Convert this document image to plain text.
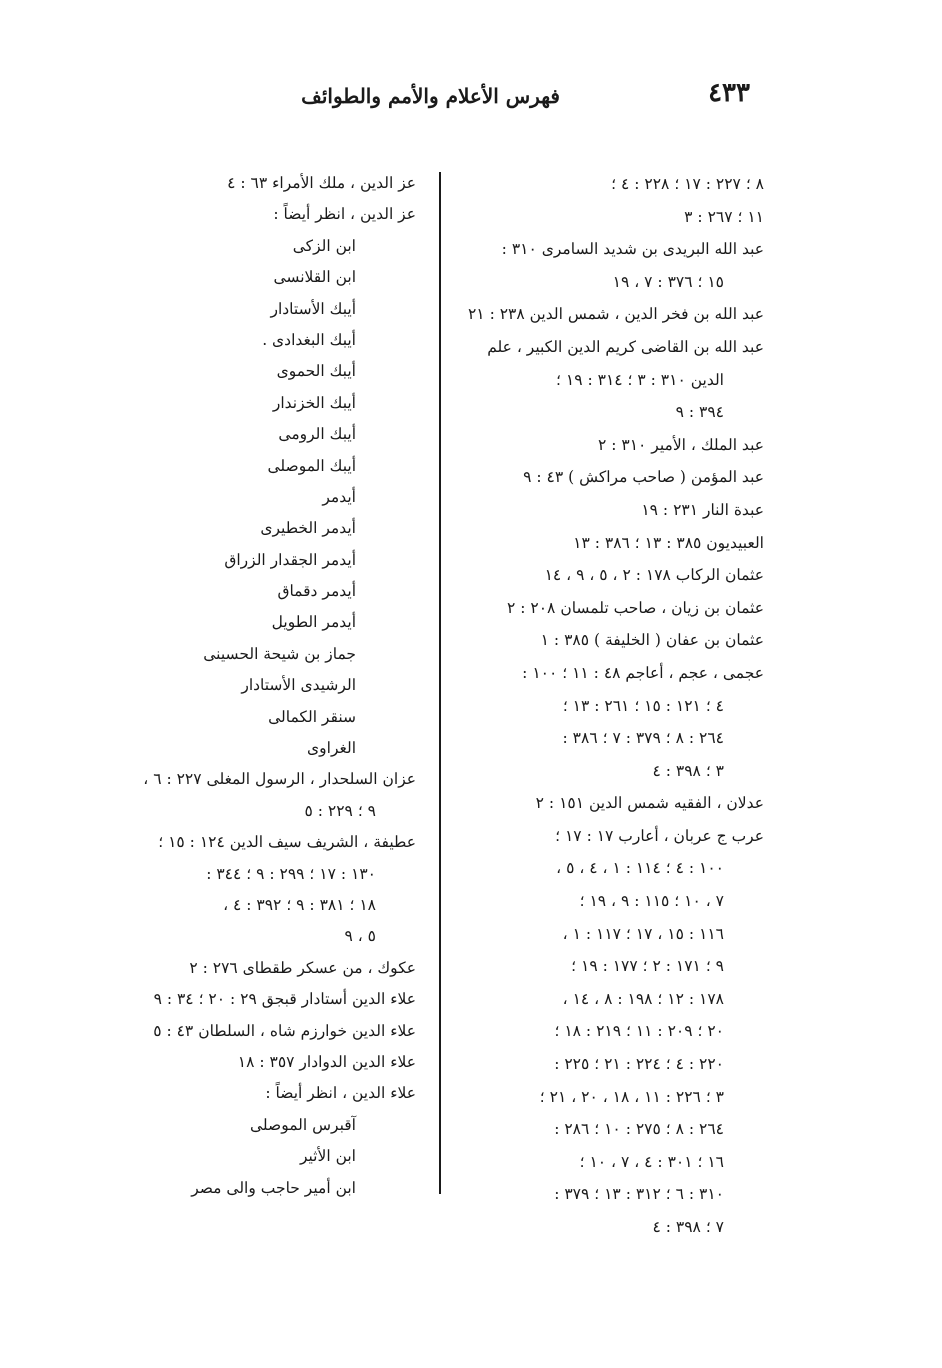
٤٣٣
فهرس الأعلام والأمم والطوائف
٨ ؛ ٢٢٧ : ١٧ ؛ ٢٢٨ : ٤ ؛
١١ ؛ ٢٦٧ : ٣
عبد الله البريدى بن شديد السامرى ٣١٠ :
١٥ ؛ ٣٧٦ : ٧ ، ١٩
عبد الله بن فخر الدين ، شمس الدين ٢٣٨ : ٢١
عبد الله بن القاضى كريم الدين الكبير ، علم
الدين ٣١٠ : ٣ ؛ ٣١٤ : ١٩ ؛
٣٩٤ : ٩
عبد الملك ، الأمير ٣١٠ : ٢
عبد المؤمن ( صاحب مراكش ) ٤٣ : ٩
عبدة النار ٢٣١ : ١٩
العبيديون ٣٨٥ : ١٣ ؛ ٣٨٦ : ١٣
عثمان الركاب ١٧٨ : ٢ ، ٥ ، ٩ ، ١٤
عثمان بن زيان ، صاحب تلمسان ٢٠٨ : ٢
عثمان بن عفان ( الخليفة ) ٣٨٥ : ١
عجمى ، عجم ، أعاجم ٤٨ : ١١ ؛ ١٠٠ :
٤ ؛ ١٢١ : ١٥ ؛ ٢٦١ : ١٣ ؛
٢٦٤ : ٨ ؛ ٣٧٩ : ٧ ؛ ٣٨٦ :
٣ ؛ ٣٩٨ : ٤
عدلان ، الفقيه شمس الدين ١٥١ : ٢
عرب ج عربان ، أعارب ١٧ : ١٧ ؛
١٠٠ : ٤ ؛ ١١٤ : ١ ، ٤ ، ٥ ،
٧ ، ١٠ ؛ ١١٥ : ٩ ، ١٩ ؛
١١٦ : ١٥ ، ١٧ ؛ ١١٧ : ١ ،
٩ ؛ ١٧١ : ٢ ؛ ١٧٧ : ١٩ ؛
١٧٨ : ١٢ ؛ ١٩٨ : ٨ ، ١٤ ،
٢٠ ؛ ٢٠٩ : ١١ ؛ ٢١٩ : ١٨ ؛
٢٢٠ : ٤ ؛ ٢٢٤ : ٢١ ؛ ٢٢٥ :
٣ ؛ ٢٢٦ : ١١ ، ١٨ ، ٢٠ ، ٢١ ؛
٢٦٤ : ٨ ؛ ٢٧٥ : ١٠ ؛ ٢٨٦ :
١٦ ؛ ٣٠١ : ٤ ، ٧ ، ١٠ ؛
٣١٠ : ٦ ؛ ٣١٢ : ١٣ ؛ ٣٧٩ :
٧ ؛ ٣٩٨ : ٤
عز الدين ، ملك الأمراء ٦٣ : ٤
عز الدين ، انظر أيضاً :
ابن الزكى
ابن القلانسى
أيبك الأستادار
أيبك البغدادى .
أيبك الحموى
أيبك الخزندار
أيبك الرومى
أيبك الموصلى
أيدمر
أيدمر الخطيرى
أيدمر الجقدار الزراق
أيدمر دقماق
أيدمر الطويل
جماز بن شيحة الحسينى
الرشيدى الأستادار
سنقر الكمالى
الغراوى
عزان السلحدار ، الرسول المغلى ٢٢٧ : ٦ ،
٩ ؛ ٢٢٩ : ٥
عطيفة ، الشريف سيف الدين ١٢٤ : ١٥ ؛
١٣٠ : ١٧ ؛ ٢٩٩ : ٩ ؛ ٣٤٤ :
١٨ ؛ ٣٨١ : ٩ ؛ ٣٩٢ : ٤ ،
٥ ، ٩
عكوك ، من عسكر طقطاى ٢٧٦ : ٢
علاء الدين أستادار قبجق ٢٩ : ٢٠ ؛ ٣٤ : ٩
علاء الدين خوارزم شاه ، السلطان ٤٣ : ٥
علاء الدين الدوادار ٣٥٧ : ١٨
علاء الدين ، انظر أيضاً :
آقبرس الموصلى
ابن الأثير
ابن أمير حاجب والى مصر
